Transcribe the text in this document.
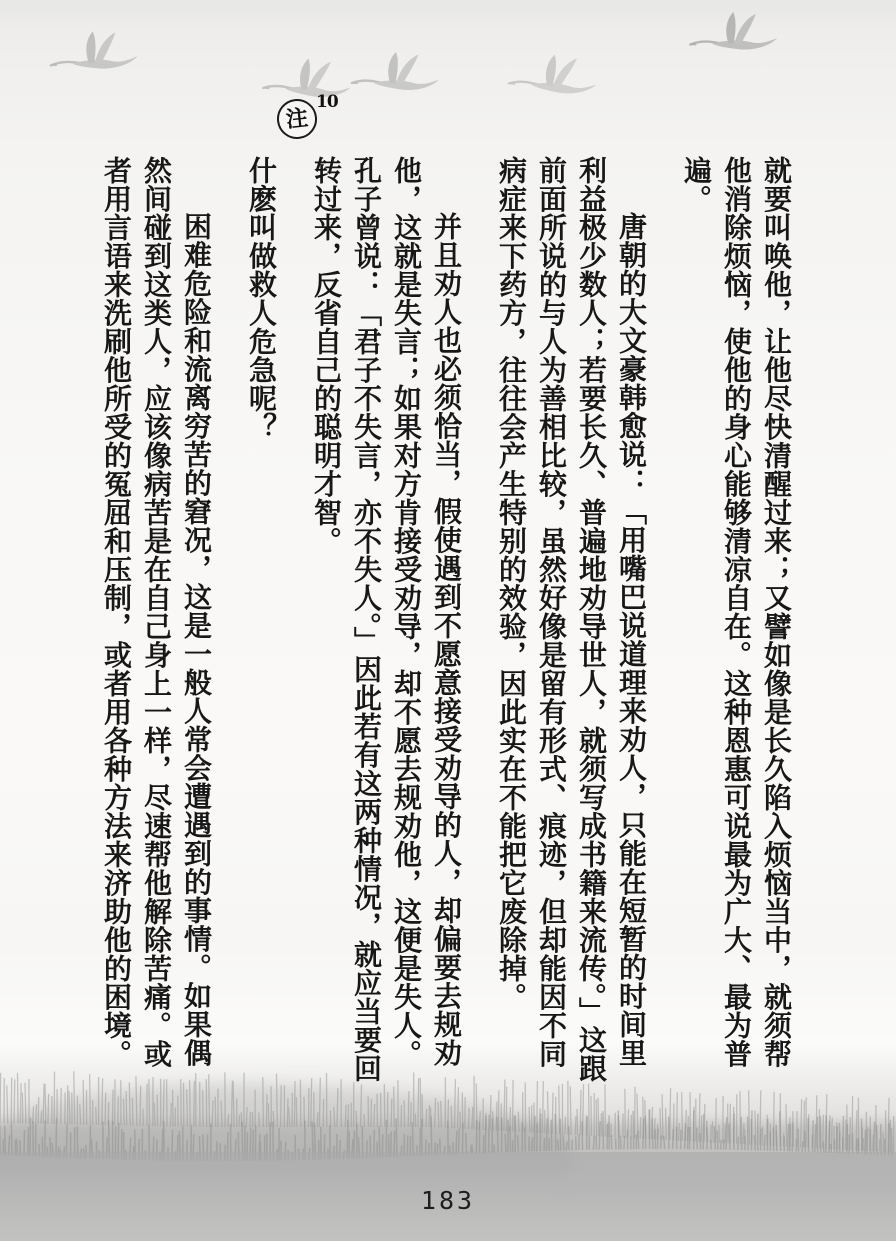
注
10

就要叫唤他，让他尽快清醒过来；又譬如像是长久陷入烦恼当中，就须帮他消除烦恼，使他的身心能够清凉自在。这种恩惠可说最为广大、最为普遍。

唐朝的大文豪韩愈说：「用嘴巴说道理来劝人，只能在短暂的时间里利益极少数人；若要长久、普遍地劝导世人，就须写成书籍来流传。」这跟前面所说的与人为善相比较，虽然好像是留有形式、痕迹，但却能因不同病症来下药方，往往会产生特别的效验，因此实在不能把它废除掉。

并且劝人也必须恰当，假使遇到不愿意接受劝导的人，却偏要去规劝他，这就是失言；如果对方肯接受劝导，却不愿去规劝他，这便是失人。孔子曾说：「君子不失言，亦不失人。」因此若有这两种情况，就应当要回转过来，反省自己的聪明才智。

什麽叫做救人危急呢？

困难危险和流离穷苦的窘况，这是一般人常会遭遇到的事情。如果偶然间碰到这类人，应该像病苦是在自己身上一样，尽速帮他解除苦痛。或者用言语来洗刷他所受的冤屈和压制，或者用各种方法来济助他的困境。

183
